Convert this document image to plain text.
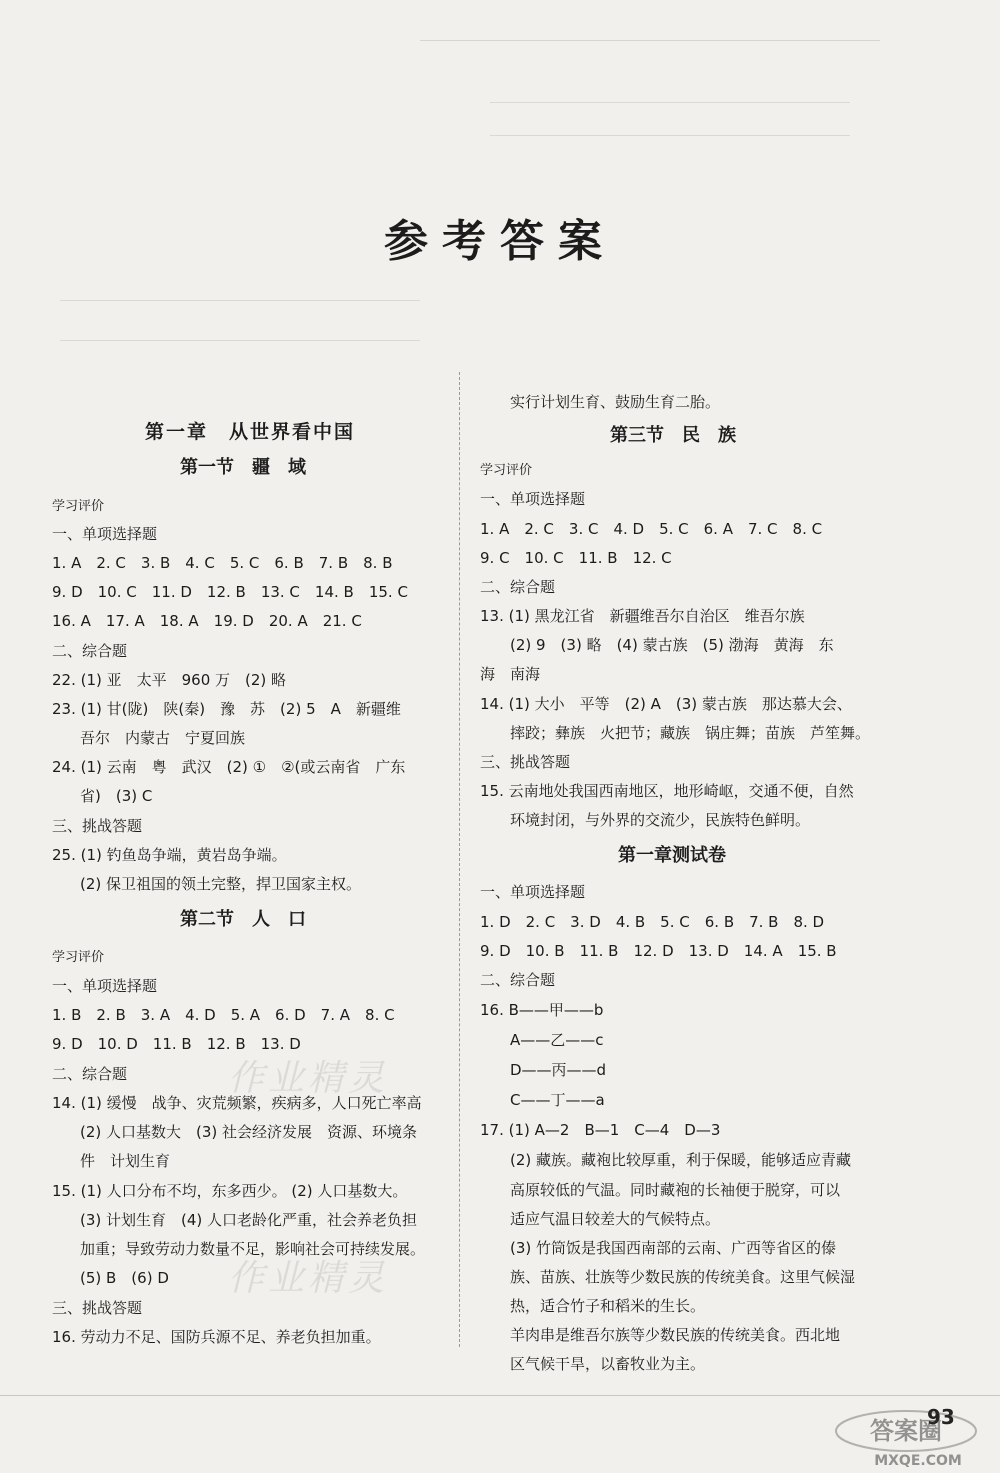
参考答案
第一章　从世界看中国
第一节　疆　域
学习评价
一、单项选择题
1. A　2. C　3. B　4. C　5. C　6. B　7. B　8. B
9. D　10. C　11. D　12. B　13. C　14. B　15. C
16. A　17. A　18. A　19. D　20. A　21. C
二、综合题
22. (1) 亚　太平　960 万　(2) 略
23. (1) 甘(陇)　陕(秦)　豫　苏　(2) 5　A　新疆维
吾尔　内蒙古　宁夏回族
24. (1) 云南　粤　武汉　(2) ①　②(或云南省　广东
省)　(3) C
三、挑战答题
25. (1) 钓鱼岛争端，黄岩岛争端。
(2) 保卫祖国的领土完整，捍卫国家主权。
第二节　人　口
学习评价
一、单项选择题
1. B　2. B　3. A　4. D　5. A　6. D　7. A　8. C
9. D　10. D　11. B　12. B　13. D
二、综合题
14. (1) 缓慢　战争、灾荒频繁，疾病多，人口死亡率高
(2) 人口基数大　(3) 社会经济发展　资源、环境条
件　计划生育
15. (1) 人口分布不均，东多西少。 (2) 人口基数大。
(3) 计划生育　(4) 人口老龄化严重，社会养老负担
加重；导致劳动力数量不足，影响社会可持续发展。
(5) B　(6) D
三、挑战答题
16. 劳动力不足、国防兵源不足、养老负担加重。
作业精灵
作业精灵
实行计划生育、鼓励生育二胎。
第三节　民　族
学习评价
一、单项选择题
1. A　2. C　3. C　4. D　5. C　6. A　7. C　8. C
9. C　10. C　11. B　12. C
二、综合题
13. (1) 黑龙江省　新疆维吾尔自治区　维吾尔族
(2) 9　(3) 略　(4) 蒙古族　(5) 渤海　黄海　东
海　南海
14. (1) 大小　平等　(2) A　(3) 蒙古族　那达慕大会、
摔跤；彝族　火把节；藏族　锅庄舞；苗族　芦笙舞。
三、挑战答题
15. 云南地处我国西南地区，地形崎岖，交通不便，自然
环境封闭，与外界的交流少，民族特色鲜明。
第一章测试卷
一、单项选择题
1. D　2. C　3. D　4. B　5. C　6. B　7. B　8. D
9. D　10. B　11. B　12. D　13. D　14. A　15. B
二、综合题
16. B——甲——b
A——乙——c
D——丙——d
C——丁——a
17. (1) A—2　B—1　C—4　D—3
(2) 藏族。藏袍比较厚重，利于保暖，能够适应青藏
高原较低的气温。同时藏袍的长袖便于脱穿，可以
适应气温日较差大的气候特点。
(3) 竹筒饭是我国西南部的云南、广西等省区的傣
族、苗族、壮族等少数民族的传统美食。这里气候湿
热，适合竹子和稻米的生长。
羊肉串是维吾尔族等少数民族的传统美食。西北地
区气候干旱，以畜牧业为主。
93
答案圈
MXQE.COM
